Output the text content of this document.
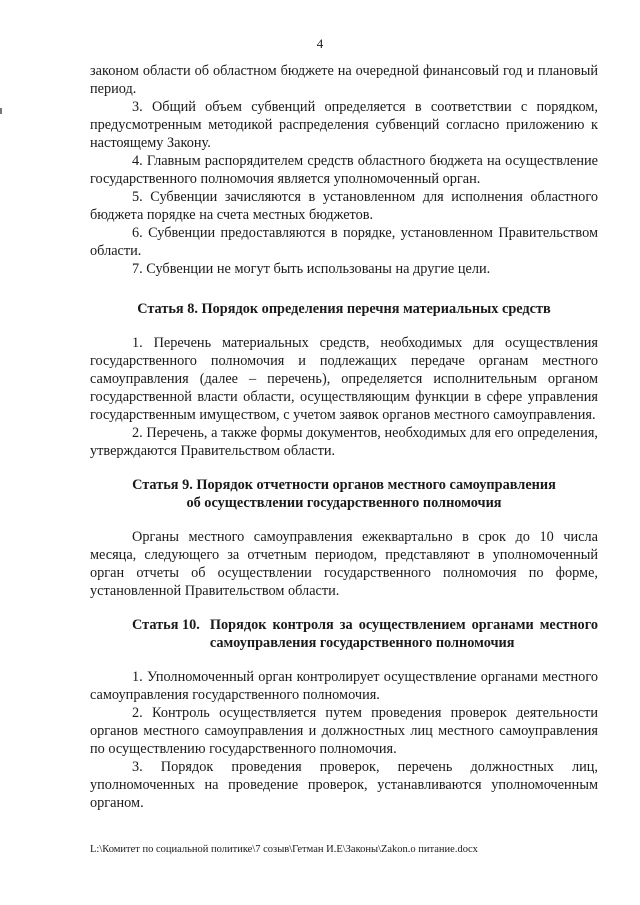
4

законом области об областном бюджете на очередной финансовый год и плановый период.

3. Общий объем субвенций определяется в соответствии с порядком, предусмотренным методикой распределения субвенций согласно приложению к настоящему Закону.

4. Главным распорядителем средств областного бюджета на осуществление государственного полномочия является уполномоченный орган.

5. Субвенции зачисляются в установленном для исполнения областного бюджета порядке на счета местных бюджетов.

6. Субвенции предоставляются в порядке, установленном Правительством области.

7. Субвенции не могут быть использованы на другие цели.

Статья 8. Порядок определения перечня материальных средств

1. Перечень материальных средств, необходимых для осуществления государственного полномочия и подлежащих передаче органам местного самоуправления (далее – перечень), определяется исполнительным органом государственной власти области, осуществляющим функции в сфере управления государственным имуществом, с учетом заявок органов местного самоуправления.

2. Перечень, а также формы документов, необходимых для его определения, утверждаются Правительством области.

Статья 9. Порядок отчетности органов местного самоуправления

об осуществлении государственного полномочия

Органы местного самоуправления ежеквартально в срок до 10 числа месяца, следующего за отчетным периодом, представляют в уполномоченный орган отчеты об осуществлении государственного полномочия по форме, установленной Правительством области.

Статья 10. Порядок контроля за осуществлением органами местного самоуправления государственного полномочия

1. Уполномоченный орган контролирует осуществление органами местного самоуправления государственного полномочия.

2. Контроль осуществляется путем проведения проверок деятельности органов местного самоуправления и должностных лиц местного самоуправления по осуществлению государственного полномочия.

3. Порядок проведения проверок, перечень должностных лиц, уполномоченных на проведение проверок, устанавливаются уполномоченным органом.

L:\Комитет по социальной политике\7 созыв\Гетман И.Е\Законы\Zakon.о питание.docx
